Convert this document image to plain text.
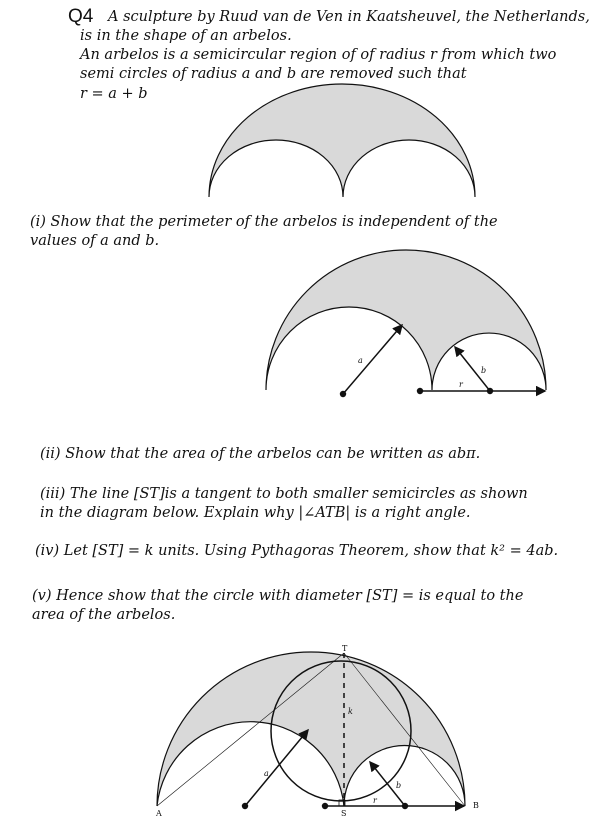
Q4 A sculpture by Ruud van de Ven in Kaatsheuvel, the Netherlands,
is in the shape of an arbelos.
An arbelos is a semicircular region of of radius r from which two
semi circles of radius a and b are removed such that
r = a + b
(i) Show that the perimeter of the arbelos is independent of the
values of a and b.
a
b
r
(ii) Show that the area of the arbelos can be written as abπ.
(iii) The line [ST]is a tangent to both smaller semicircles as shown
in the diagram below. Explain why |∠ATB| is a right angle.
(iv) Let [ST] = k units. Using Pythagoras Theorem, show that k² = 4ab.
(v) Hence show that the circle with diameter [ST] = is equal to the
area of the arbelos.
a
b
r
k
T
S
A
B
